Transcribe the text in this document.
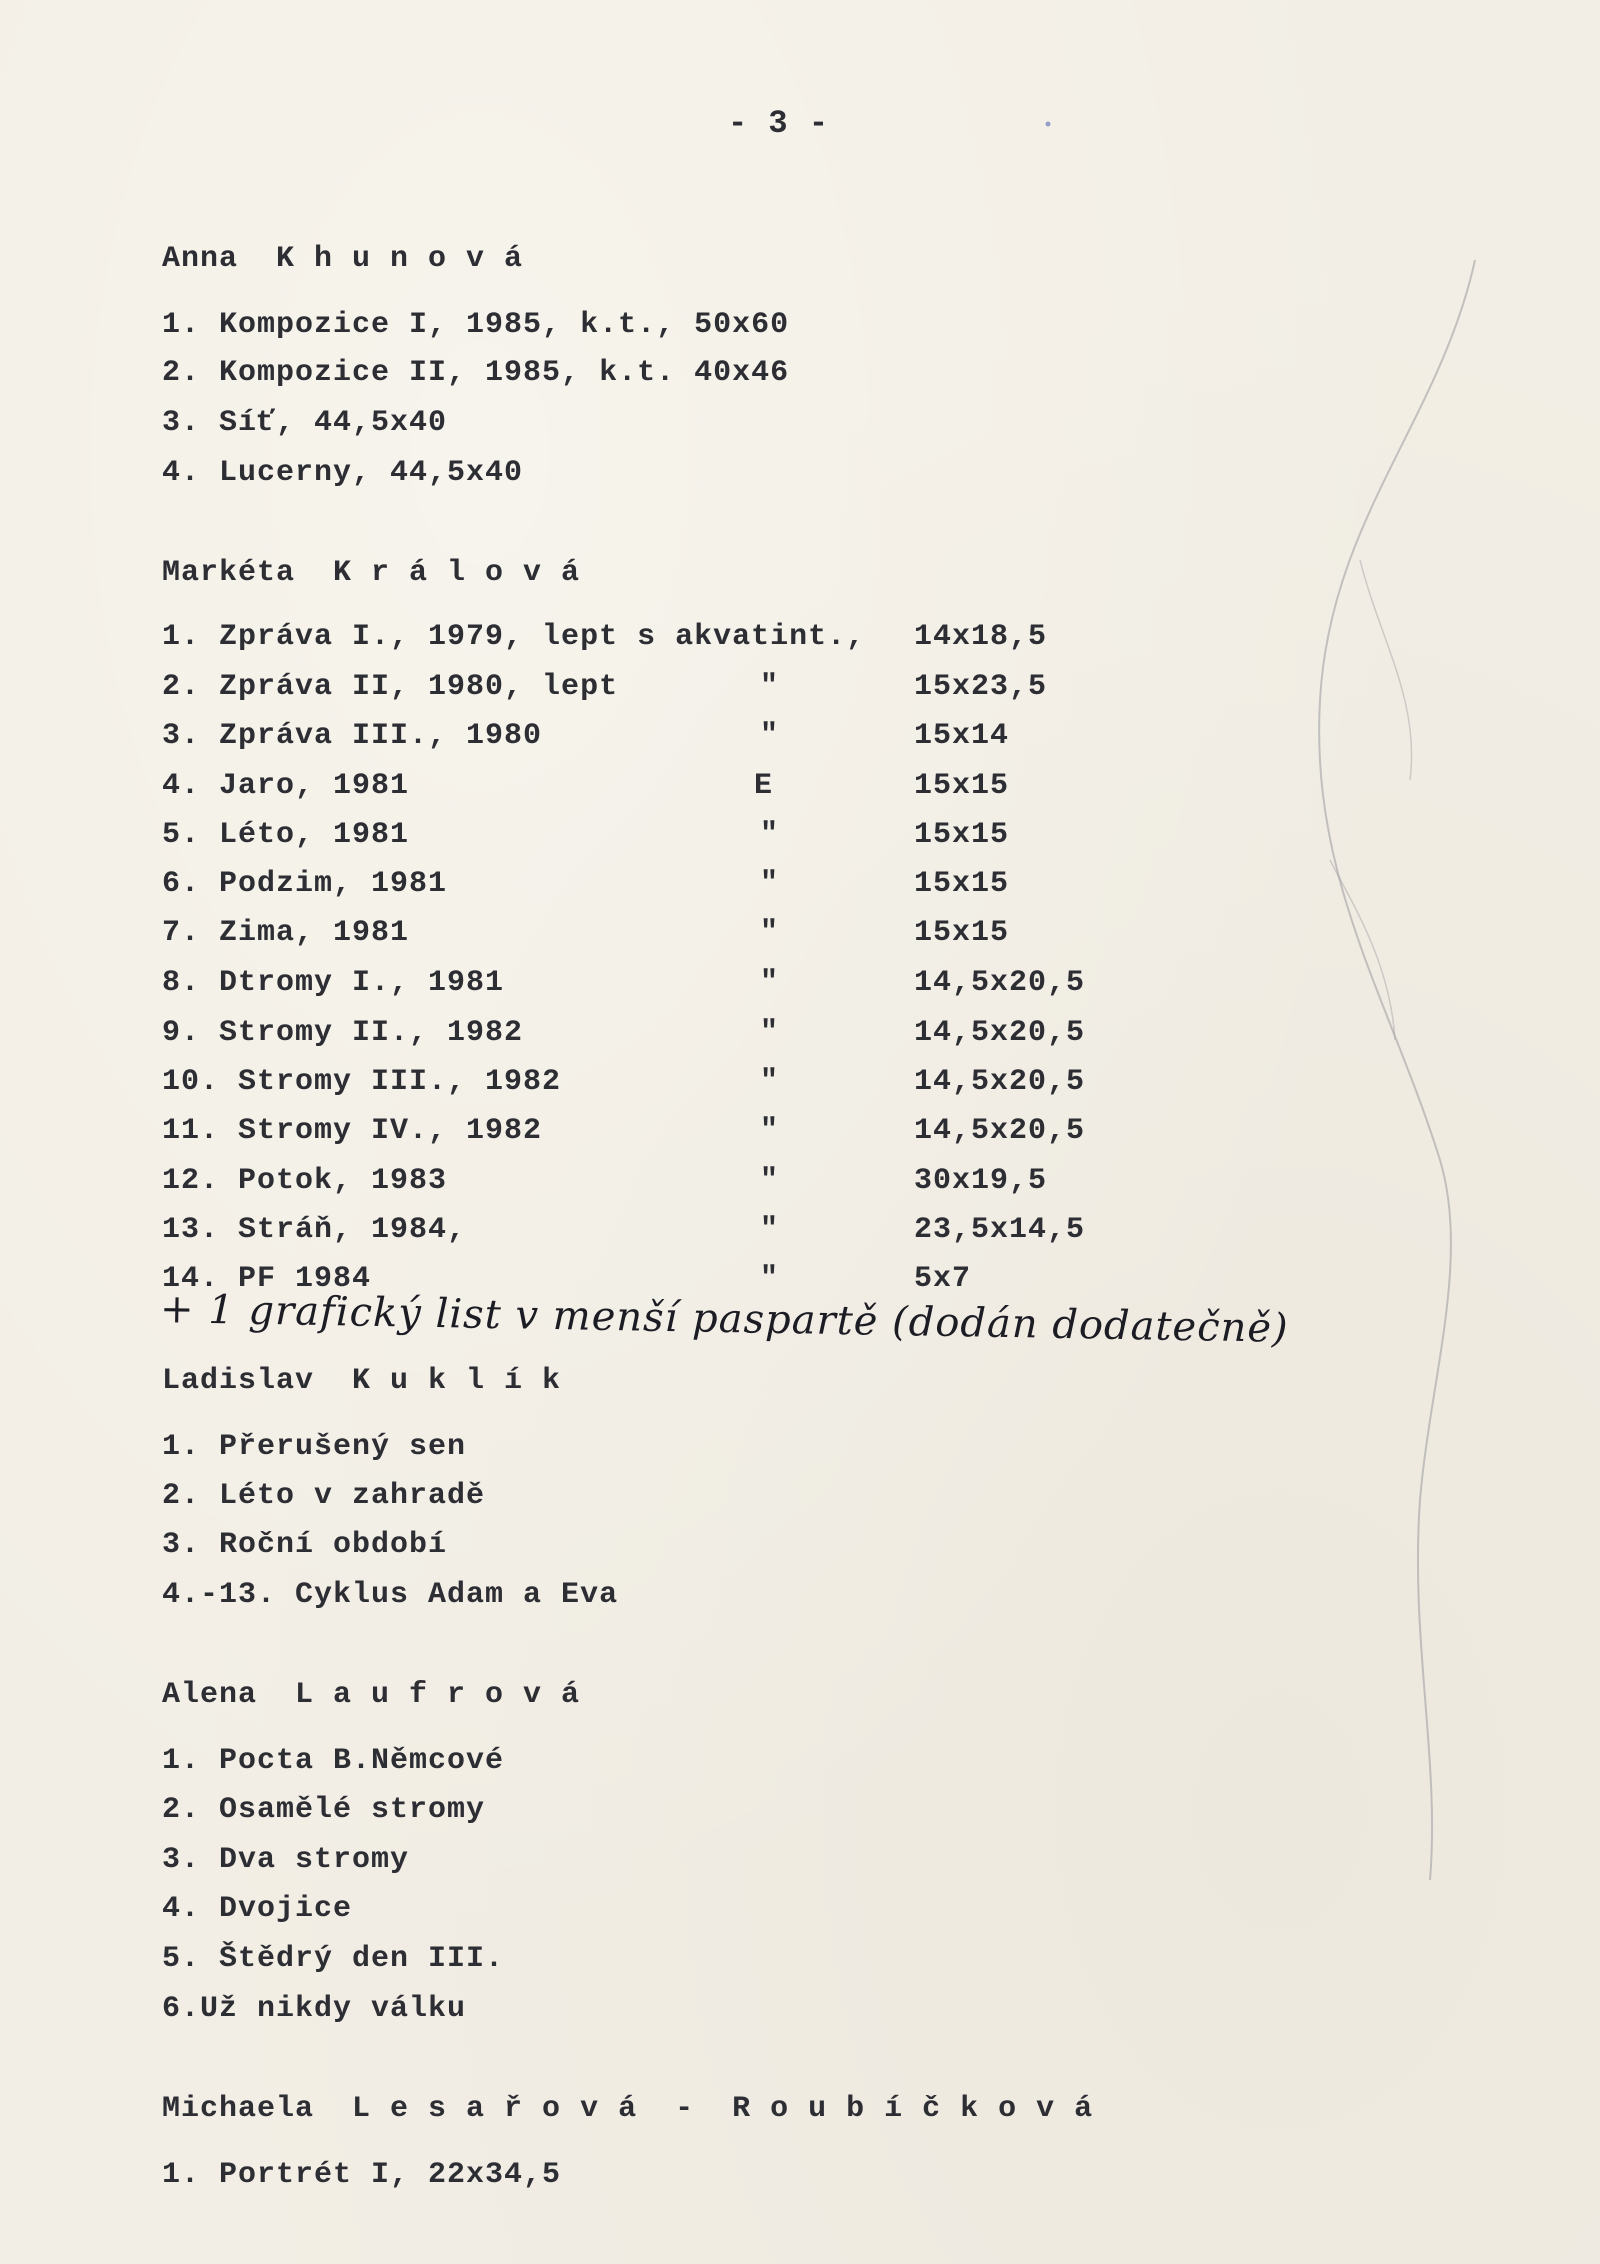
- 3 -
Anna  K h u n o v á
1. Kompozice I, 1985, k.t., 50x60
2. Kompozice II, 1985, k.t. 40x46
3. Síť, 44,5x40
4. Lucerny, 44,5x40
Markéta  K r á l o v á
1. Zpráva I., 1979, lept s akvatint., 14x18,5
2. Zpráva II, 1980, lept	"	15x23,5
3. Zpráva III., 1980	"	15x14
4. Jaro, 1981	E	15x15
5. Léto, 1981	"	15x15
6. Podzim, 1981	"	15x15
7. Zima, 1981	"	15x15
8. Dtromy I., 1981	"	14,5x20,5
9. Stromy II., 1982	"	14,5x20,5
10. Stromy III., 1982	"	14,5x20,5
11. Stromy IV., 1982	"	14,5x20,5
12. Potok, 1983	"	30x19,5
13. Stráň, 1984,	"	23,5x14,5
14. PF 1984	"	5x7
+ 1 grafický list v menší paspartě (dodán dodatečně)
Ladislav  K u k l í k
1. Přerušený sen
2. Léto v zahradě
3. Roční období
4.-13. Cyklus Adam a Eva
Alena  L a u f r o v á
1. Pocta B.Němcové
2. Osamělé stromy
3. Dva stromy
4. Dvojice
5. Štědrý den III.
6.Už nikdy válku
Michaela  L e s a ř o v á  -  R o u b í č k o v á
1. Portrét I, 22x34,5
